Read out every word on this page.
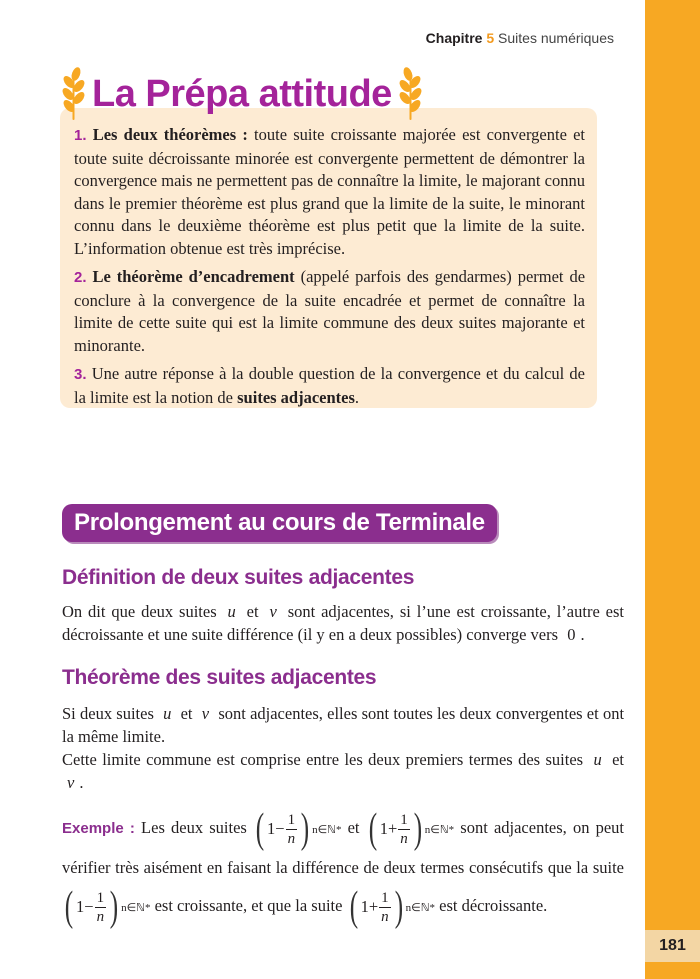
Chapitre 5 Suites numériques
AMBITION PRÉPA
181

1. Les deux théorèmes : toute suite croissante majorée est convergente et toute suite décroissante minorée est convergente permettent de démontrer la convergence mais ne permettent pas de connaître la limite, le majorant connu dans le premier théorème est plus grand que la limite de la suite, le minorant connu dans le deuxième théorème est plus petit que la limite de la suite. L’information obtenue est très imprécise.

2. Le théorème d’encadrement (appelé parfois des gendarmes) permet de conclure à la convergence de la suite encadrée et permet de connaître la limite de cette suite qui est la limite commune des deux suites majorante et minorante.

3. Une autre réponse à la double question de la convergence et du calcul de la limite est la notion de suites adjacentes.

La Prépa attitude
Prolongement au cours de Terminale
Définition de deux suites adjacentes
On dit que deux suites u et v sont adjacentes, si l’une est croissante, l’autre est décroissante et une suite différence (il y en a deux possibles) converge vers 0 .
Théorème des suites adjacentes
Si deux suites u et v sont adjacentes, elles sont toutes les deux convergentes et ont la même limite.
Cette limite commune est comprise entre les deux premiers termes des suites u et v .
Exemple : Les deux suites ( $1 - \frac{1}{n}$ ) n∈ℕ* et ( $1 + \frac{1}{n}$ ) n∈ℕ* sont adjacentes, on peut vérifier très aisément en faisant la différence de deux termes consécutifs que la suite
( $1 - \frac{1}{n}$ ) n∈ℕ* est croissante, et que la suite ( $1 + \frac{1}{n}$ ) n∈ℕ* est décroissante.
